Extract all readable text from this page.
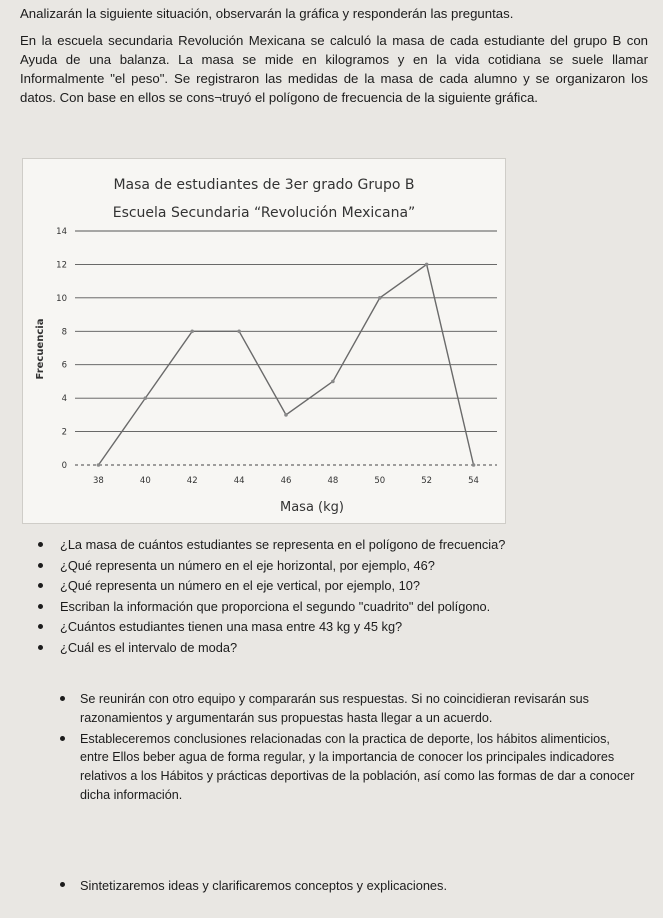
Analizarán la siguiente situación, observarán la gráfica y responderán las preguntas.

En la escuela secundaria Revolución Mexicana se calculó la masa de cada estudiante del grupo B con Ayuda de una balanza. La masa se mide en kilogramos y en la vida cotidiana se suele llamar Informalmente "el peso". Se registraron las medidas de la masa de cada alumno y se organizaron los datos. Con base en ellos se cons¬truyó el polígono de frecuencia de la siguiente gráfica.

Masa de estudiantes de 3er grado Grupo B
Escuela Secundaria “Revolución Mexicana”
Masa (kg)
Frecuencia
0
2
4
6
8
10
12
14
38	40	42	44	46	48	50	52	54
¿La masa de cuántos estudiantes se representa en el polígono de frecuencia?
¿Qué representa un número en el eje horizontal, por ejemplo, 46?
¿Qué representa un número en el eje vertical, por ejemplo, 10?
Escriban la información que proporciona el segundo "cuadrito" del polígono.
¿Cuántos estudiantes tienen una masa entre 43 kg y 45 kg?
¿Cuál es el intervalo de moda?
Se reunirán con otro equipo y compararán sus respuestas. Si no coincidieran revisarán sus razonamientos y argumentarán sus propuestas hasta llegar a un acuerdo.
Estableceremos conclusiones relacionadas con la practica de deporte, los hábitos alimenticios, entre Ellos beber agua de forma regular, y la importancia de conocer los principales indicadores relativos a los Hábitos y prácticas deportivas de la población, así como las formas de dar a conocer dicha información.
Sintetizaremos ideas y clarificaremos conceptos y explicaciones.
